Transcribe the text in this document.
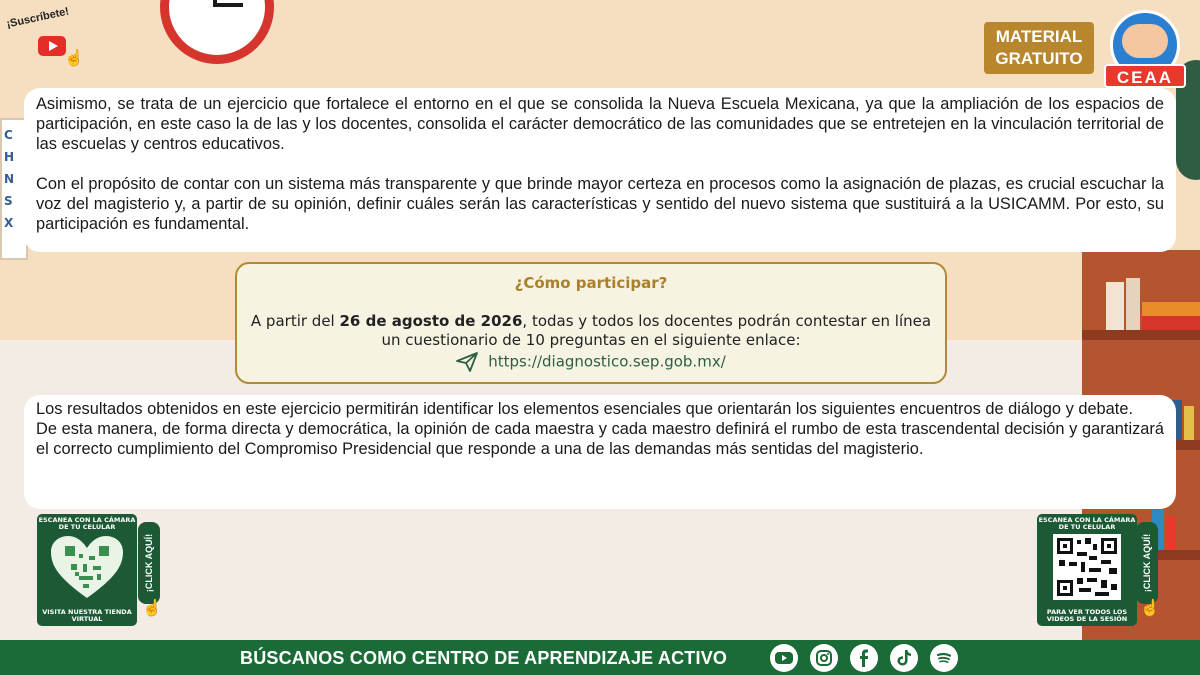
C
H
N
S
X
¡Suscríbete!
☝
MATERIAL
GRATUITO
CEAA

Asimismo, se trata de un ejercicio que fortalece el entorno en el que se consolida la Nueva Escuela Mexicana, ya que la ampliación de los espacios de participación, en este caso la de las y los docentes, consolida el carácter democrático de las comunidades que se entretejen en la vinculación territorial de las escuelas y centros educativos.

Con el propósito de contar con un sistema más transparente y que brinde mayor certeza en procesos como la asignación de plazas, es crucial escuchar la voz del magisterio y, a partir de su opinión, definir cuáles serán las características y sentido del nuevo sistema que sustituirá a la USICAMM. Por esto, su participación es fundamental.

¿Cómo participar?
A partir del 26 de agosto de 2026, todas y todos los docentes podrán contestar en línea un cuestionario de 10 preguntas en el siguiente enlace:
https://diagnostico.sep.gob.mx/

Los resultados obtenidos en este ejercicio permitirán identificar los elementos esenciales que orientarán los siguientes encuentros de diálogo y debate.

De esta manera, de forma directa y democrática, la opinión de cada maestra y cada maestro definirá el rumbo de esta trascendental decisión y garantizará el correcto cumplimiento del Compromiso Presidencial que responde a una de las demandas más sentidas del magisterio.

ESCANEA CON LA CÁMARA DE TU CELULAR
VISITA NUESTRA TIENDA VIRTUAL
¡CLICK AQUÍ!
☝
ESCANEA CON LA CÁMARA DE TU CELULAR
PARA VER TODOS LOS VIDEOS DE LA SESIÓN
¡CLICK AQUÍ!
☝
BÚSCANOS COMO CENTRO DE APRENDIZAJE ACTIVO
